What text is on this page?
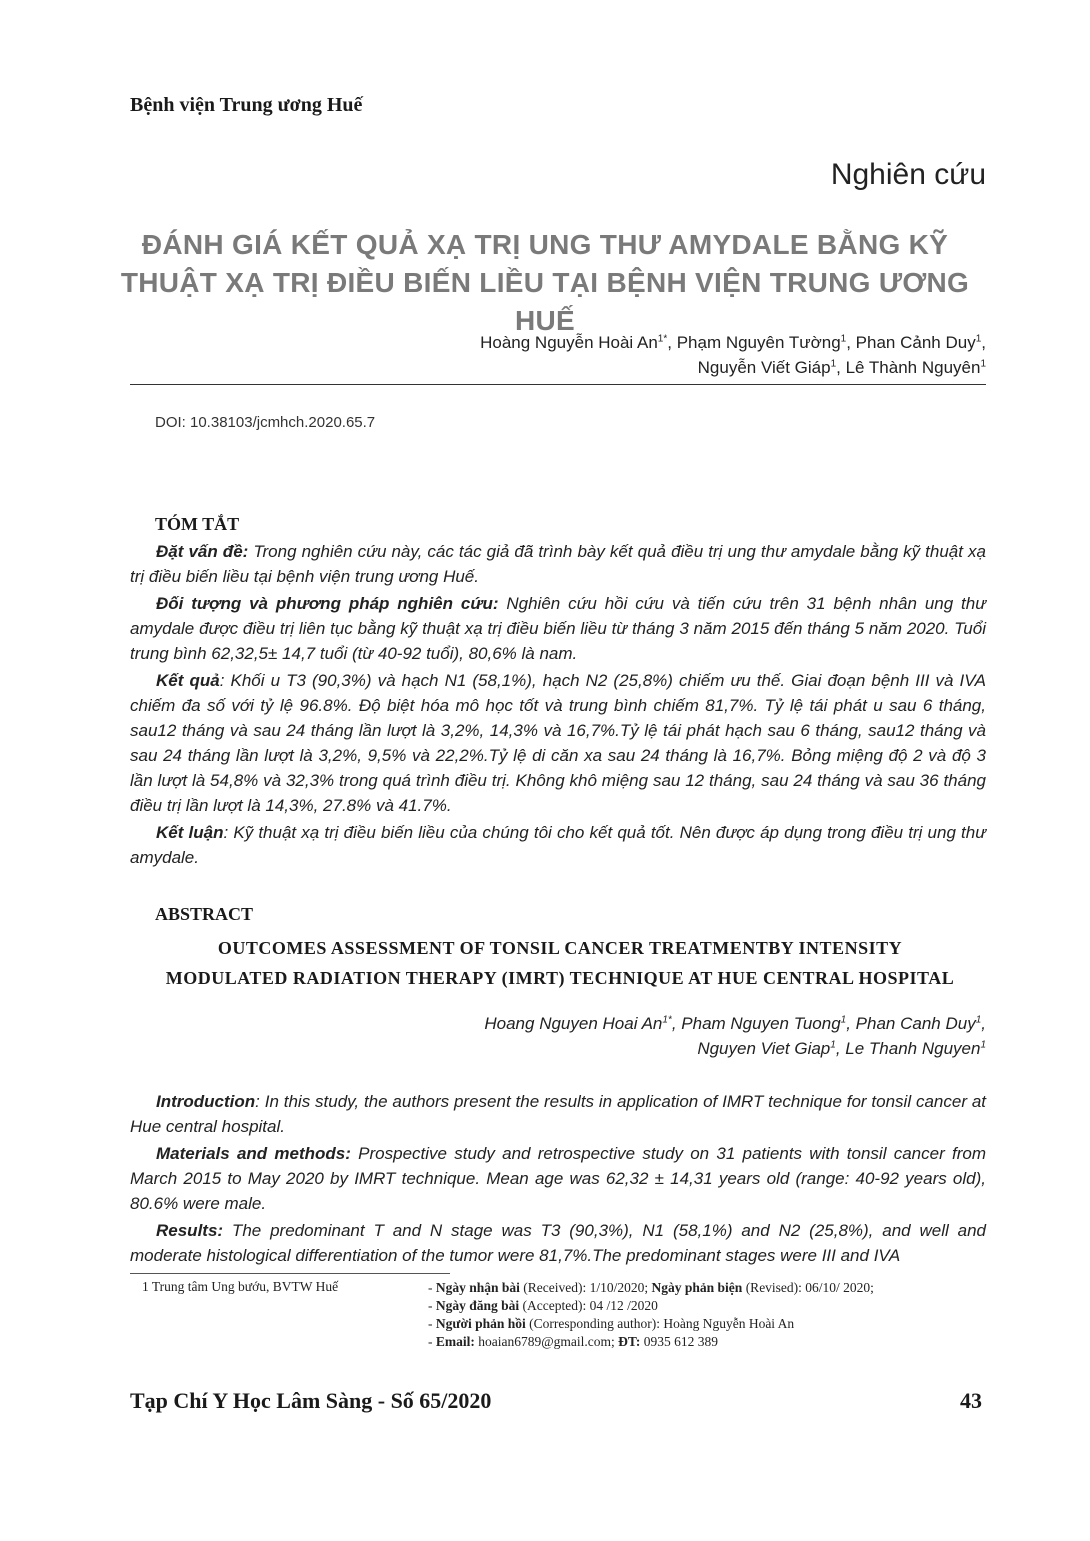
Bệnh viện Trung ương Huế
Nghiên cứu
ĐÁNH GIÁ KẾT QUẢ XẠ TRỊ UNG THƯ AMYDALE BẰNG KỸ
THUẬT XẠ TRỊ ĐIỀU BIẾN LIỀU TẠI BỆNH VIỆN TRUNG ƯƠNG HUẾ
Hoàng Nguyễn Hoài $An^{1*}$, Phạm Nguyên Tường$^1$, Phan Cảnh Duy$^1$,
Nguyễn Viết Giáp$^1$, Lê Thành Nguyên$^1$
DOI: 10.38103/jcmhch.2020.65.7
TÓM TẮT

Đặt vấn đề: Trong nghiên cứu này, các tác giả đã trình bày kết quả điều trị ung thư amydale bằng kỹ thuật xạ trị điều biến liều tại bệnh viện trung ương Huế.

Đối tượng và phương pháp nghiên cứu: Nghiên cứu hồi cứu và tiến cứu trên 31 bệnh nhân ung thư amydale được điều trị liên tục bằng kỹ thuật xạ trị điều biến liều từ tháng 3 năm 2015 đến tháng 5 năm 2020. Tuổi trung bình 62,32,5± 14,7 tuổi (từ 40-92 tuổi), 80,6% là nam.

Kết quả: Khối u T3 (90,3%) và hạch N1 (58,1%), hạch N2 (25,8%) chiếm ưu thế. Giai đoạn bệnh III và IVA chiếm đa số với tỷ lệ 96.8%. Độ biệt hóa mô học tốt và trung bình chiếm 81,7%. Tỷ lệ tái phát u sau 6 tháng, sau12 tháng và sau 24 tháng lần lượt là 3,2%, 14,3% và 16,7%.Tỷ lệ tái phát hạch sau 6 tháng, sau12 tháng và sau 24 tháng lần lượt là 3,2%, 9,5% và 22,2%.Tỷ lệ di căn xa sau 24 tháng là 16,7%. Bỏng miệng độ 2 và độ 3 lần lượt là 54,8% và 32,3% trong quá trình điều trị. Không khô miệng sau 12 tháng, sau 24 tháng và sau 36 tháng điều trị lần lượt là 14,3%, 27.8% và 41.7%.

Kết luận: Kỹ thuật xạ trị điều biến liều của chúng tôi cho kết quả tốt. Nên được áp dụng trong điều trị ung thư amydale.

ABSTRACT
OUTCOMES ASSESSMENT OF TONSIL CANCER TREATMENTBY INTENSITY
MODULATED RADIATION THERAPY (IMRT) TECHNIQUE AT HUE CENTRAL HOSPITAL
Hoang Nguyen Hoai $An^{1*}$, Pham Nguyen Tuong$^1$, Phan Canh Duy$^1$,
Nguyen Viet Giap$^1$, Le Thanh Nguyen$^1$

Introduction: In this study, the authors present the results in application of IMRT technique for tonsil cancer at Hue central hospital.

Materials and methods: Prospective study and retrospective study on 31 patients with tonsil cancer from March 2015 to May 2020 by IMRT technique. Mean age was 62,32 ± 14,31 years old (range: 40-92 years old), 80.6% were male.

Results: The predominant T and N stage was T3 (90,3%), N1 (58,1%) and N2 (25,8%), and well and moderate histological differentiation of the tumor were 81,7%.The predominant stages were III and IVA

1 Trung tâm Ung bướu, BVTW Huế	- Ngày nhận bài (Received): 1/10/2020; Ngày phản biện (Revised): 06/10/ 2020;
- Ngày đăng bài (Accepted): 04 /12 /2020
- Người phản hồi (Corresponding author): Hoàng Nguyễn Hoài An
- Email: hoaian6789@gmail.com; ĐT: 0935 612 389
Tạp Chí Y Học Lâm Sàng - Số 65/2020	43
